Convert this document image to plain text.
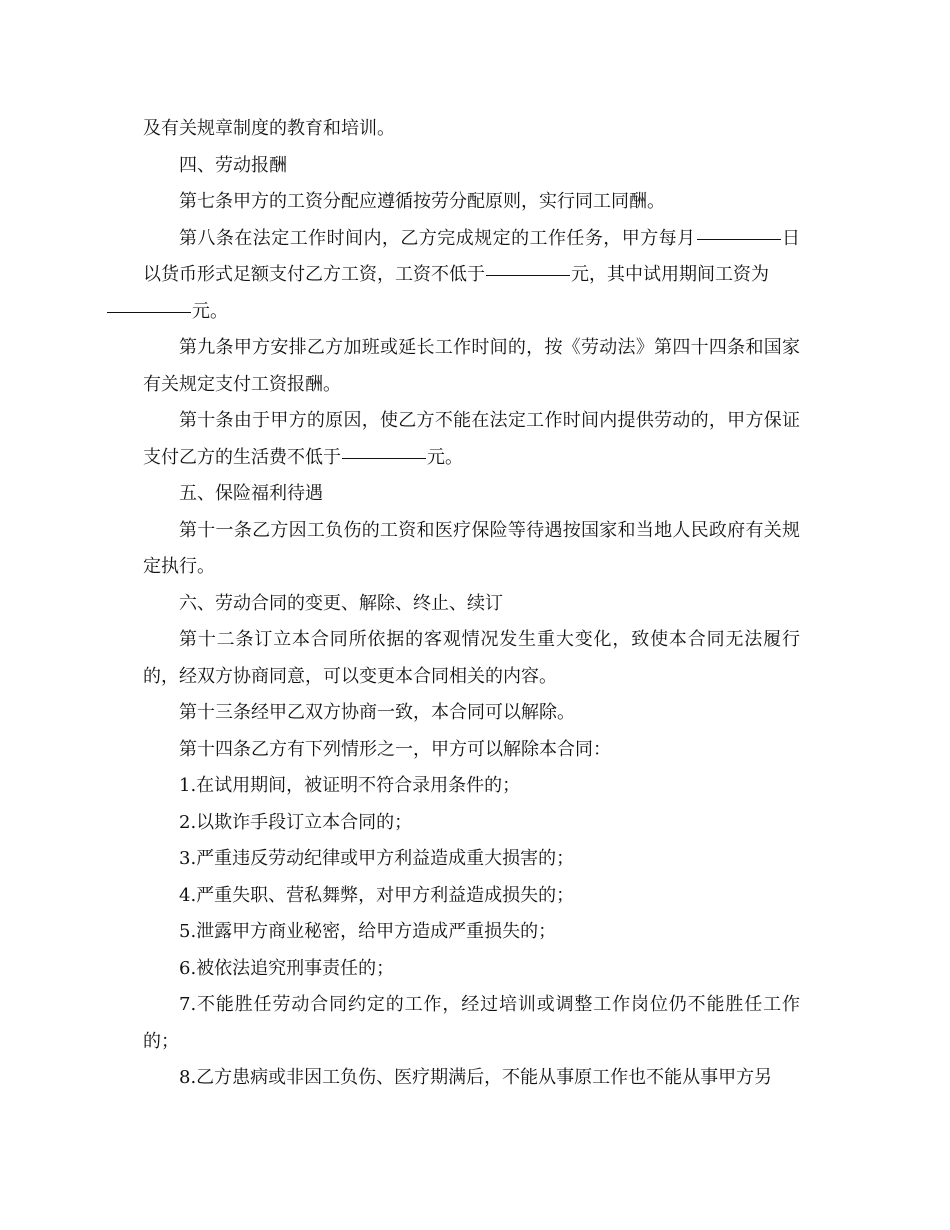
及有关规章制度的教育和培训。

四、劳动报酬

第七条甲方的工资分配应遵循按劳分配原则，实行同工同酬。

第八条在法定工作时间内，乙方完成规定的工作任务，甲方每月	日以货币形式足额支付乙方工资，工资不低于	元，其中试用期间工资为
元。

第九条甲方安排乙方加班或延长工作时间的，按《劳动法》第四十四条和国家有关规定支付工资报酬。

第十条由于甲方的原因，使乙方不能在法定工作时间内提供劳动的，甲方保证支付乙方的生活费不低于	元。

五、保险福利待遇

第十一条乙方因工负伤的工资和医疗保险等待遇按国家和当地人民政府有关规定执行。

六、劳动合同的变更、解除、终止、续订

第十二条订立本合同所依据的客观情况发生重大变化，致使本合同无法履行的，经双方协商同意，可以变更本合同相关的内容。

第十三条经甲乙双方协商一致，本合同可以解除。

第十四条乙方有下列情形之一，甲方可以解除本合同：

1.在试用期间，被证明不符合录用条件的；

2.以欺诈手段订立本合同的；

3.严重违反劳动纪律或甲方利益造成重大损害的；

4.严重失职、营私舞弊，对甲方利益造成损失的；

5.泄露甲方商业秘密，给甲方造成严重损失的；

6.被依法追究刑事责任的；

7.不能胜任劳动合同约定的工作，经过培训或调整工作岗位仍不能胜任工作的；

8.乙方患病或非因工负伤、医疗期满后，不能从事原工作也不能从事甲方另
